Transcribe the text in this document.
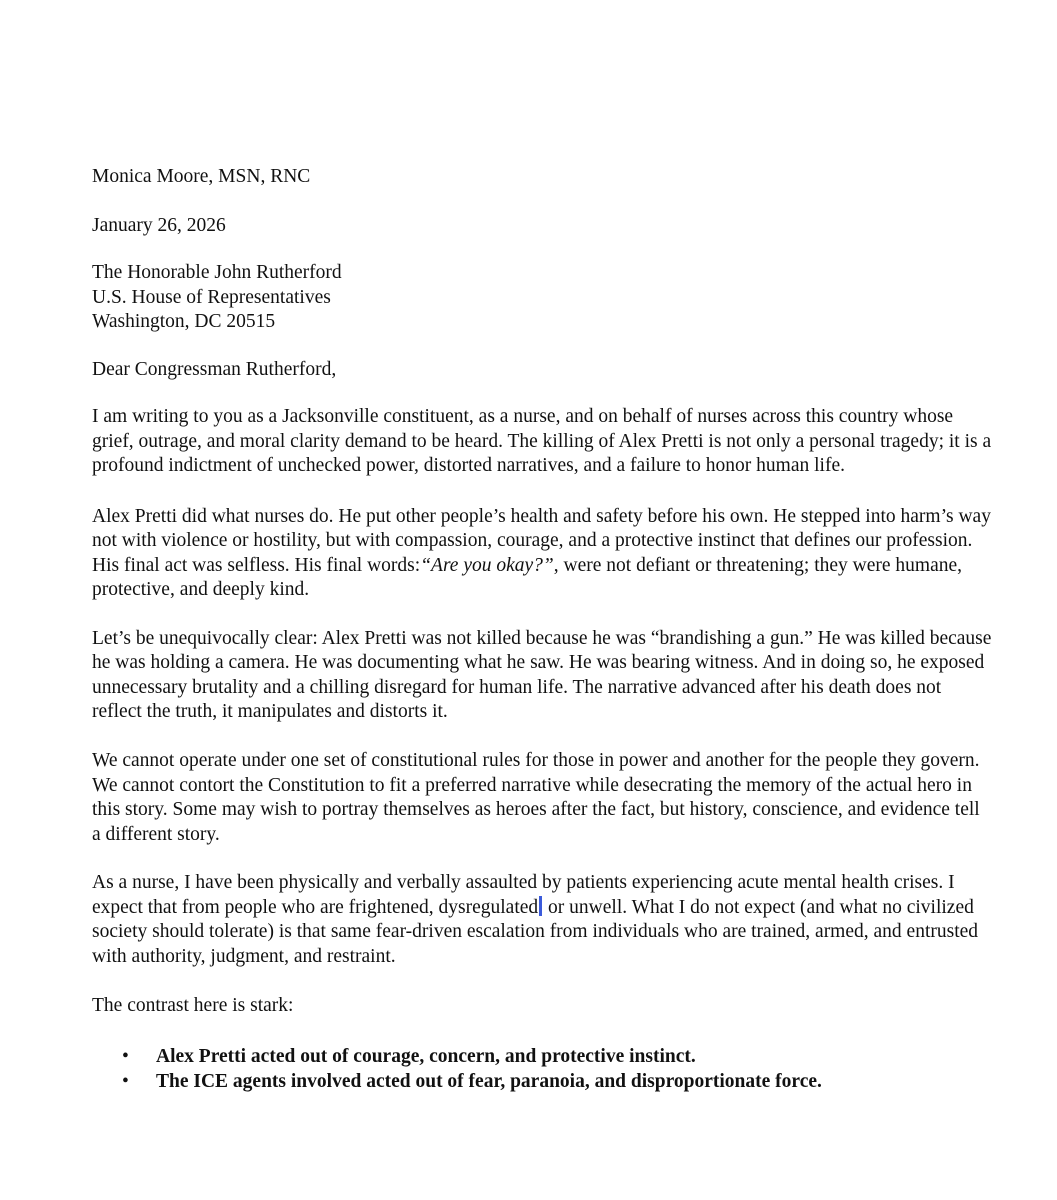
Monica Moore, MSN, RNC
January 26, 2026
The Honorable John Rutherford
U.S. House of Representatives
Washington, DC 20515
Dear Congressman Rutherford,

I am writing to you as a Jacksonville constituent, as a nurse, and on behalf of nurses across this country whose grief, outrage, and moral clarity demand to be heard. The killing of Alex Pretti is not only a personal tragedy; it is a profound indictment of unchecked power, distorted narratives, and a failure to honor human life.

Alex Pretti did what nurses do. He put other people’s health and safety before his own. He stepped into harm’s way not with violence or hostility, but with compassion, courage, and a protective instinct that defines our profession. His final act was selfless. His final words:“Are you okay?”, were not defiant or threatening; they were humane, protective, and deeply kind.

Let’s be unequivocally clear: Alex Pretti was not killed because he was “brandishing a gun.” He was killed because he was holding a camera. He was documenting what he saw. He was bearing witness. And in doing so, he exposed unnecessary brutality and a chilling disregard for human life. The narrative advanced after his death does not reflect the truth, it manipulates and distorts it.

We cannot operate under one set of constitutional rules for those in power and another for the people they govern. We cannot contort the Constitution to fit a preferred narrative while desecrating the memory of the actual hero in this story. Some may wish to portray themselves as heroes after the fact, but history, conscience, and evidence tell a different story.

As a nurse, I have been physically and verbally assaulted by patients experiencing acute mental health crises. I expect that from people who are frightened, dysregulated or unwell. What I do not expect (and what no civilized society should tolerate) is that same fear-driven escalation from individuals who are trained, armed, and entrusted with authority, judgment, and restraint.

The contrast here is stark:

• Alex Pretti acted out of courage, concern, and protective instinct.
• The ICE agents involved acted out of fear, paranoia, and disproportionate force.
